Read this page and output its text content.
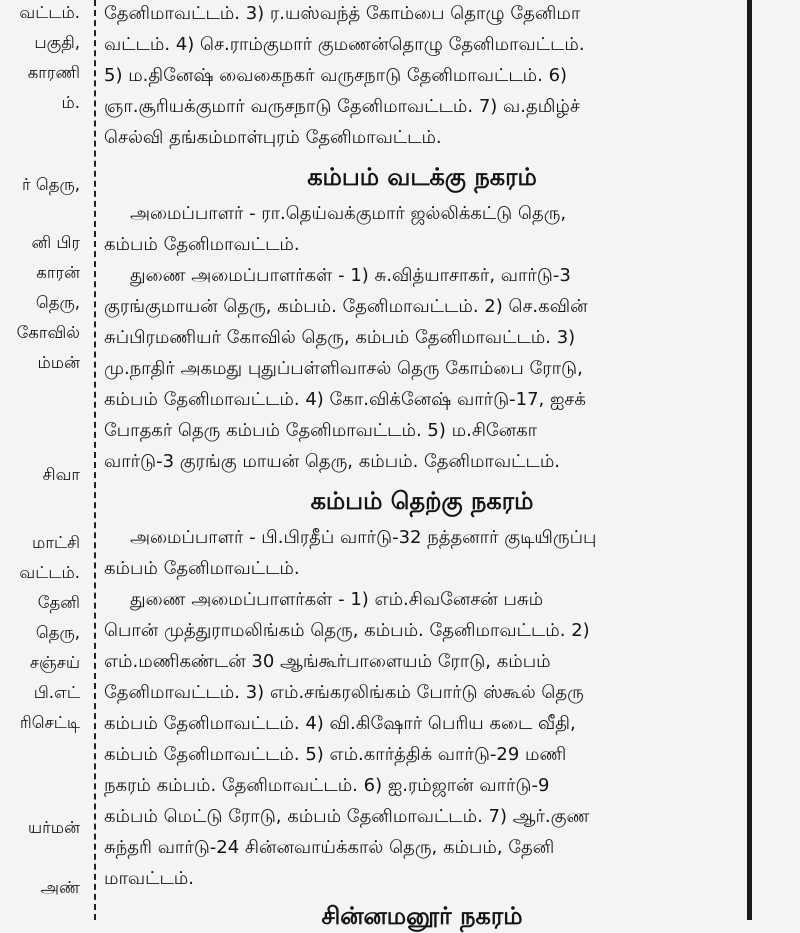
வட்டம்.
பகுதி,
காரணி
ம்.
ர் தெரு,
னி பிர
காரன்
தெரு,
கோவில்
ம்மன்
சிவா
மாட்சி
வட்டம்.
தேனி
தெரு,
சஞ்சய்
பி.எட்
ரிசெட்டி
யர்மன்
அண்
தேனிமாவட்டம். 3) ர.யஸ்வந்த் கோம்பை தொழு தேனிமா
வட்டம். 4) செ.ராம்குமார் குமணன்தொழு தேனிமாவட்டம்.
5) ம.தினேஷ் வைகைநகர் வருசநாடு தேனிமாவட்டம். 6)
ஞா.சூரியக்குமார் வருசநாடு தேனிமாவட்டம். 7) வ.தமிழ்ச்
செல்வி தங்கம்மாள்புரம் தேனிமாவட்டம்.
கம்பம் வடக்கு நகரம்
அமைப்பாளர் - ரா.தெய்வக்குமார் ஜல்லிக்கட்டு தெரு,
கம்பம் தேனிமாவட்டம்.
துணை அமைப்பாளர்கள் - 1) சு.வித்யாசாகர், வார்டு-3
குரங்குமாயன் தெரு, கம்பம். தேனிமாவட்டம். 2) செ.கவின்
சுப்பிரமணியர் கோவில் தெரு, கம்பம் தேனிமாவட்டம். 3)
மு.நாதிர் அகமது புதுப்பள்ளிவாசல் தெரு கோம்பை ரோடு,
கம்பம் தேனிமாவட்டம். 4) கோ.விக்னேஷ் வார்டு-17, ஐசக்
போதகர் தெரு கம்பம் தேனிமாவட்டம். 5) ம.சினேகா
வார்டு-3 குரங்கு மாயன் தெரு, கம்பம். தேனிமாவட்டம்.
கம்பம் தெற்கு நகரம்
அமைப்பாளர் - பி.பிரதீப் வார்டு-32 நத்தனார் குடியிருப்பு
கம்பம் தேனிமாவட்டம்.
துணை அமைப்பாளர்கள் - 1) எம்.சிவனேசன் பசும்
பொன் முத்துராமலிங்கம் தெரு, கம்பம். தேனிமாவட்டம். 2)
எம்.மணிகண்டன் 30 ஆங்கூர்பாளையம் ரோடு, கம்பம்
தேனிமாவட்டம். 3) எம்.சங்கரலிங்கம் போர்டு ஸ்கூல் தெரு
கம்பம் தேனிமாவட்டம். 4) வி.கிஷோர் பெரிய கடை வீதி,
கம்பம் தேனிமாவட்டம். 5) எம்.கார்த்திக் வார்டு-29 மணி
நகரம் கம்பம். தேனிமாவட்டம். 6) ஐ.ரம்ஜான் வார்டு-9
கம்பம் மெட்டு ரோடு, கம்பம் தேனிமாவட்டம். 7) ஆர்.குண
சுந்தரி வார்டு-24 சின்னவாய்க்கால் தெரு, கம்பம், தேனி
மாவட்டம்.
சின்னமனூர் நகரம்
